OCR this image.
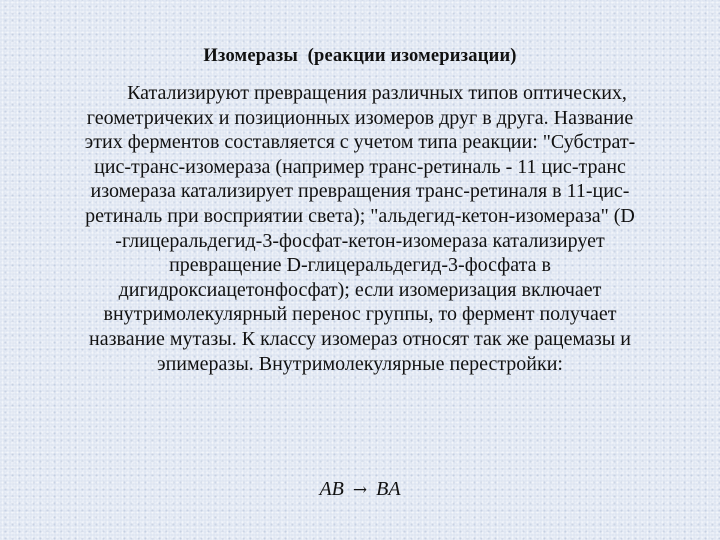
Изомеразы  (реакции изомеризации)

Катализируют превращения различных типов оптических,
геометричеких и позиционных изомеров друг в друга. Название
этих ферментов составляется с учетом типа реакции: "Субстрат-
цис-транс-изомераза (например транс-ретиналь - 11 цис-транс
изомераза катализирует превращения транс-ретиналя в 11-цис-
ретиналь при восприятии света); "альдегид-кетон-изомераза" (D
-глицеральдегид-3-фосфат-кетон-изомераза катализирует
превращение D-глицеральдегид-3-фосфата в
дигидроксиацетонфосфат); если изомеризация включает
внутримолекулярный перенос группы, то фермент получает
название мутазы. К классу изомераз относят так же рацемазы и
эпимеразы. Внутримолекулярные перестройки:

AB → BA
